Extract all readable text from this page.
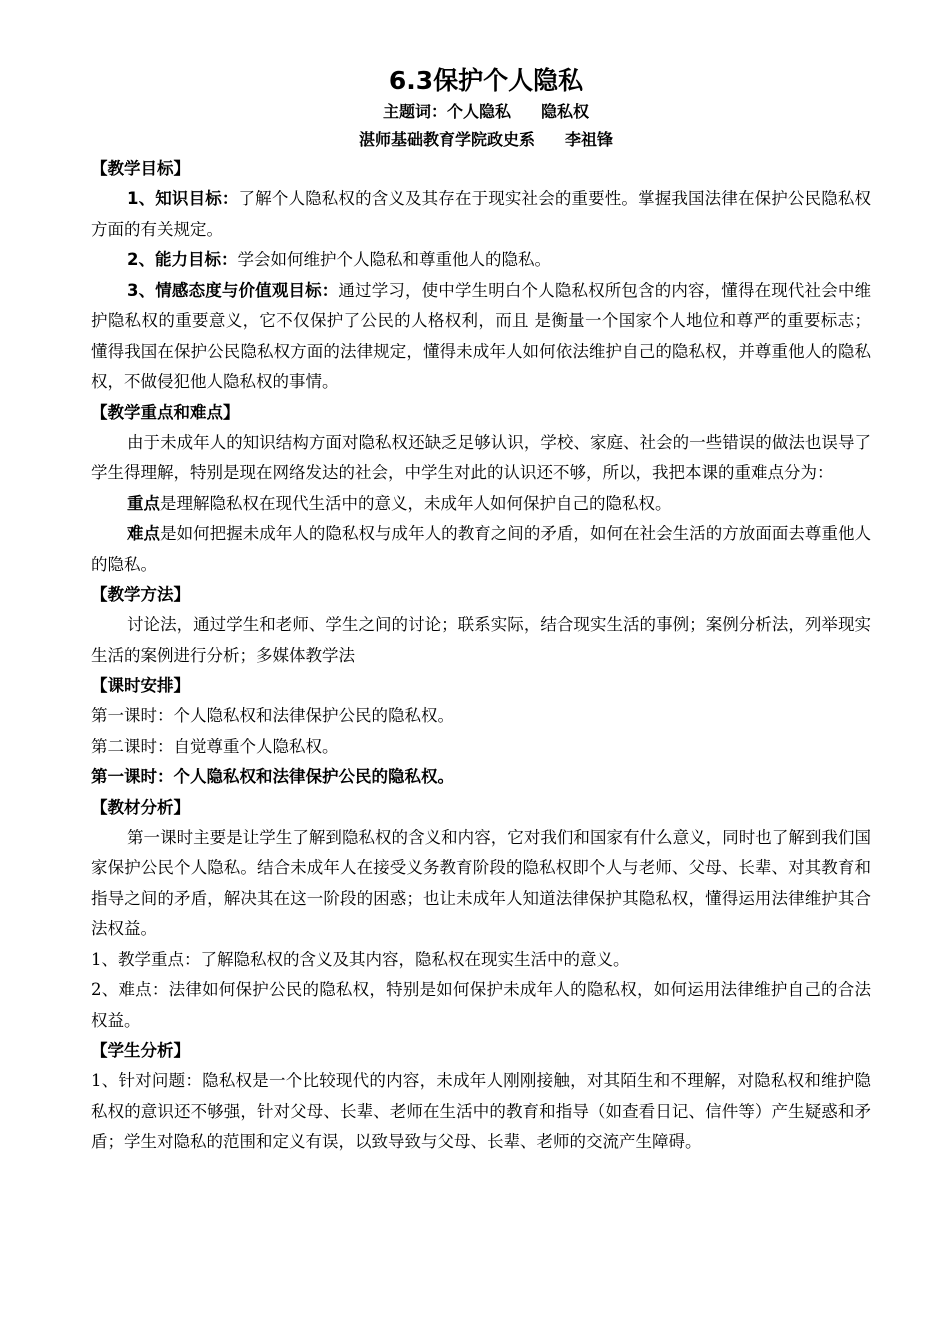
6.3保护个人隐私
主题词：个人隐私 隐私权
湛师基础教育学院政史系 李祖锋
【教学目标】

1、知识目标：了解个人隐私权的含义及其存在于现实社会的重要性。掌握我国法律在保护公民隐私权方面的有关规定。

2、能力目标：学会如何维护个人隐私和尊重他人的隐私。

3、情感态度与价值观目标：通过学习，使中学生明白个人隐私权所包含的内容，懂得在现代社会中维护隐私权的重要意义，它不仅保护了公民的人格权利，而且 是衡量一个国家个人地位和尊严的重要标志；懂得我国在保护公民隐私权方面的法律规定，懂得未成年人如何依法维护自己的隐私权，并尊重他人的隐私权，不做侵犯他人隐私权的事情。

【教学重点和难点】

由于未成年人的知识结构方面对隐私权还缺乏足够认识，学校、家庭、社会的一些错误的做法也误导了学生得理解，特别是现在网络发达的社会，中学生对此的认识还不够，所以，我把本课的重难点分为：

重点是理解隐私权在现代生活中的意义，未成年人如何保护自己的隐私权。

难点是如何把握未成年人的隐私权与成年人的教育之间的矛盾，如何在社会生活的方放面面去尊重他人的隐私。

【教学方法】

讨论法，通过学生和老师、学生之间的讨论；联系实际，结合现实生活的事例；案例分析法，列举现实生活的案例进行分析；多媒体教学法

【课时安排】

第一课时：个人隐私权和法律保护公民的隐私权。

第二课时：自觉尊重个人隐私权。

第一课时：个人隐私权和法律保护公民的隐私权。
【教材分析】

第一课时主要是让学生了解到隐私权的含义和内容，它对我们和国家有什么意义，同时也了解到我们国家保护公民个人隐私。结合未成年人在接受义务教育阶段的隐私权即个人与老师、父母、长辈、对其教育和指导之间的矛盾，解决其在这一阶段的困惑；也让未成年人知道法律保护其隐私权，懂得运用法律维护其合法权益。

1、教学重点：了解隐私权的含义及其内容，隐私权在现实生活中的意义。

2、难点：法律如何保护公民的隐私权，特别是如何保护未成年人的隐私权，如何运用法律维护自己的合法权益。

【学生分析】

1、针对问题：隐私权是一个比较现代的内容，未成年人刚刚接触，对其陌生和不理解，对隐私权和维护隐私权的意识还不够强，针对父母、长辈、老师在生活中的教育和指导（如查看日记、信件等）产生疑惑和矛盾；学生对隐私的范围和定义有误，以致导致与父母、长辈、老师的交流产生障碍。
